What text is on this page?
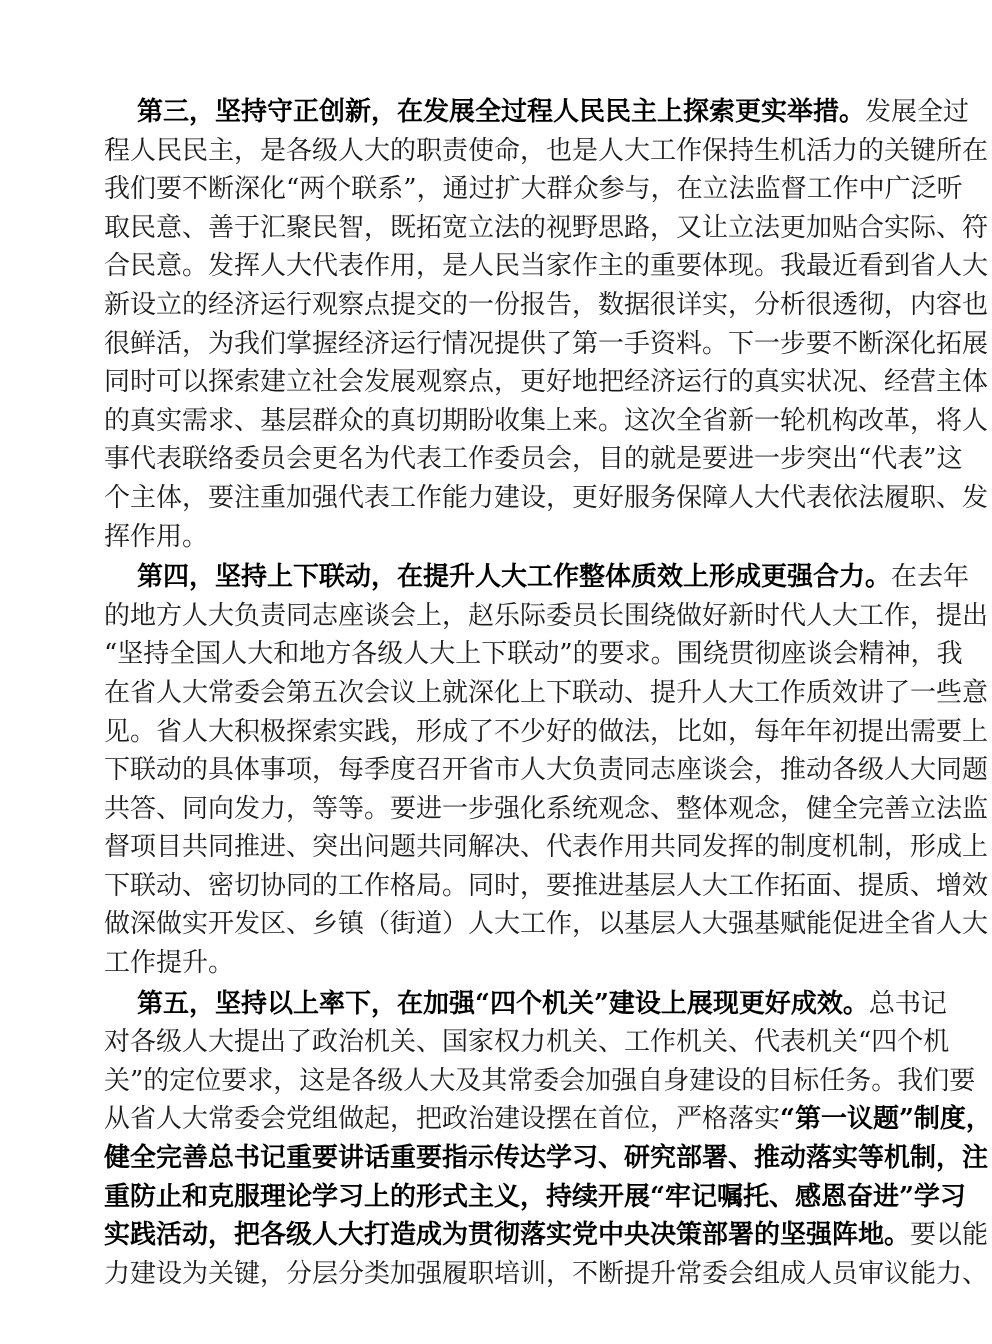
第三，坚持守正创新，在发展全过程人民民主上探索更实举措。发展全过
程人民民主，是各级人大的职责使命，也是人大工作保持生机活力的关键所在
我们要不断深化“两个联系”，通过扩大群众参与，在立法监督工作中广泛听
取民意、善于汇聚民智，既拓宽立法的视野思路，又让立法更加贴合实际、符
合民意。发挥人大代表作用，是人民当家作主的重要体现。我最近看到省人大
新设立的经济运行观察点提交的一份报告，数据很详实，分析很透彻，内容也
很鲜活，为我们掌握经济运行情况提供了第一手资料。下一步要不断深化拓展
同时可以探索建立社会发展观察点，更好地把经济运行的真实状况、经营主体
的真实需求、基层群众的真切期盼收集上来。这次全省新一轮机构改革，将人
事代表联络委员会更名为代表工作委员会，目的就是要进一步突出“代表”这
个主体，要注重加强代表工作能力建设，更好服务保障人大代表依法履职、发
挥作用。
第四，坚持上下联动，在提升人大工作整体质效上形成更强合力。在去年
的地方人大负责同志座谈会上，赵乐际委员长围绕做好新时代人大工作，提出
“坚持全国人大和地方各级人大上下联动”的要求。围绕贯彻座谈会精神，我
在省人大常委会第五次会议上就深化上下联动、提升人大工作质效讲了一些意
见。省人大积极探索实践，形成了不少好的做法，比如，每年年初提出需要上
下联动的具体事项，每季度召开省市人大负责同志座谈会，推动各级人大同题
共答、同向发力，等等。要进一步强化系统观念、整体观念，健全完善立法监
督项目共同推进、突出问题共同解决、代表作用共同发挥的制度机制，形成上
下联动、密切协同的工作格局。同时，要推进基层人大工作拓面、提质、增效
做深做实开发区、乡镇（街道）人大工作，以基层人大强基赋能促进全省人大
工作提升。
第五，坚持以上率下，在加强“四个机关”建设上展现更好成效。总书记
对各级人大提出了政治机关、国家权力机关、工作机关、代表机关“四个机
关”的定位要求，这是各级人大及其常委会加强自身建设的目标任务。我们要
从省人大常委会党组做起，把政治建设摆在首位，严格落实“第一议题”制度，
健全完善总书记重要讲话重要指示传达学习、研究部署、推动落实等机制，注
重防止和克服理论学习上的形式主义，持续开展“牢记嘱托、感恩奋进”学习
实践活动，把各级人大打造成为贯彻落实党中央决策部署的坚强阵地。要以能
力建设为关键，分层分类加强履职培训，不断提升常委会组成人员审议能力、
